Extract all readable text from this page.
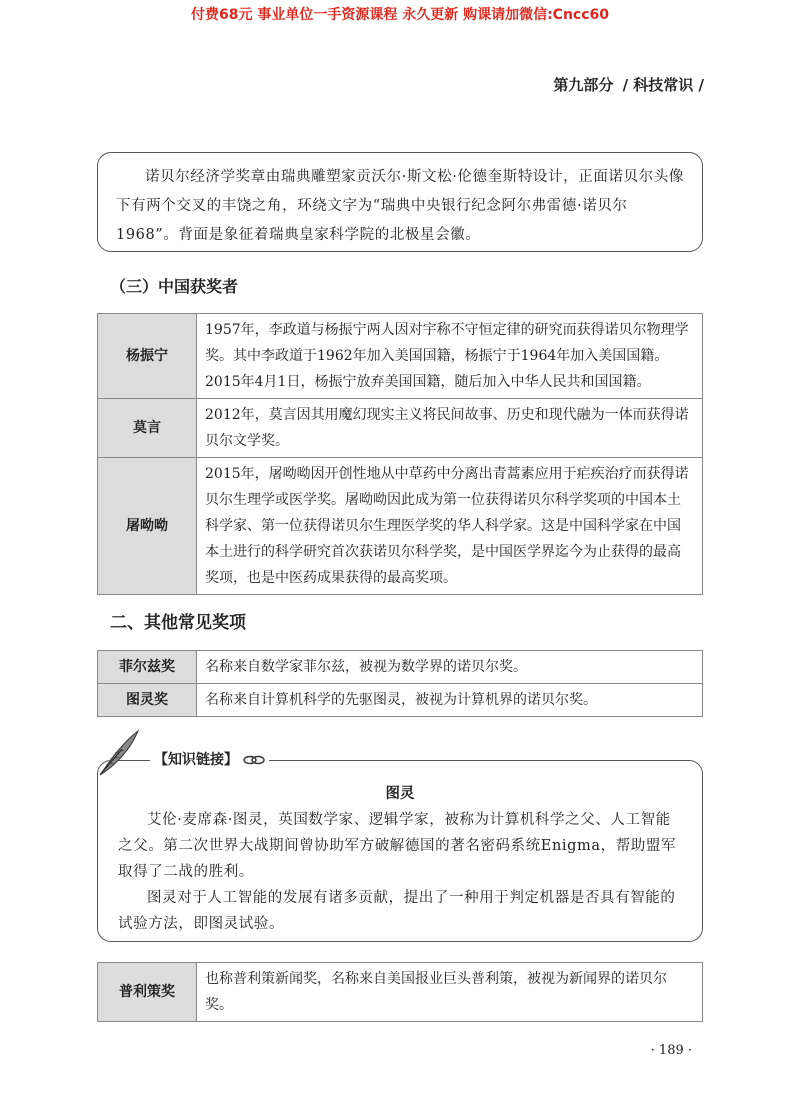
付费68元 事业单位一手资源课程 永久更新 购课请加微信:Cncc60
第九部分 / 科技常识 /

诺贝尔经济学奖章由瑞典雕塑家贡沃尔·斯文松·伦德奎斯特设计，正面诺贝尔头像下有两个交叉的丰饶之角，环绕文字为“瑞典中央银行纪念阿尔弗雷德·诺贝尔1968”。背面是象征着瑞典皇家科学院的北极星会徽。

（三）中国获奖者
杨振宁	1957年，李政道与杨振宁两人因对宇称不守恒定律的研究而获得诺贝尔物理学奖。其中李政道于1962年加入美国国籍，杨振宁于1964年加入美国国籍。2015年4月1日，杨振宁放弃美国国籍，随后加入中华人民共和国国籍。
莫言	2012年，莫言因其用魔幻现实主义将民间故事、历史和现代融为一体而获得诺贝尔文学奖。
屠呦呦	2015年，屠呦呦因开创性地从中草药中分离出青蒿素应用于疟疾治疗而获得诺贝尔生理学或医学奖。屠呦呦因此成为第一位获得诺贝尔科学奖项的中国本土科学家、第一位获得诺贝尔生理医学奖的华人科学家。这是中国科学家在中国本土进行的科学研究首次获诺贝尔科学奖，是中国医学界迄今为止获得的最高奖项，也是中医药成果获得的最高奖项。
二、其他常见奖项
菲尔兹奖	名称来自数学家菲尔兹，被视为数学界的诺贝尔奖。
图灵奖	名称来自计算机科学的先驱图灵，被视为计算机界的诺贝尔奖。
【知识链接】
图灵

艾伦·麦席森·图灵，英国数学家、逻辑学家，被称为计算机科学之父、人工智能之父。第二次世界大战期间曾协助军方破解德国的著名密码系统Enigma，帮助盟军取得了二战的胜利。

图灵对于人工智能的发展有诸多贡献，提出了一种用于判定机器是否具有智能的试验方法，即图灵试验。

普利策奖	也称普利策新闻奖，名称来自美国报业巨头普利策，被视为新闻界的诺贝尔奖。
· 189 ·
